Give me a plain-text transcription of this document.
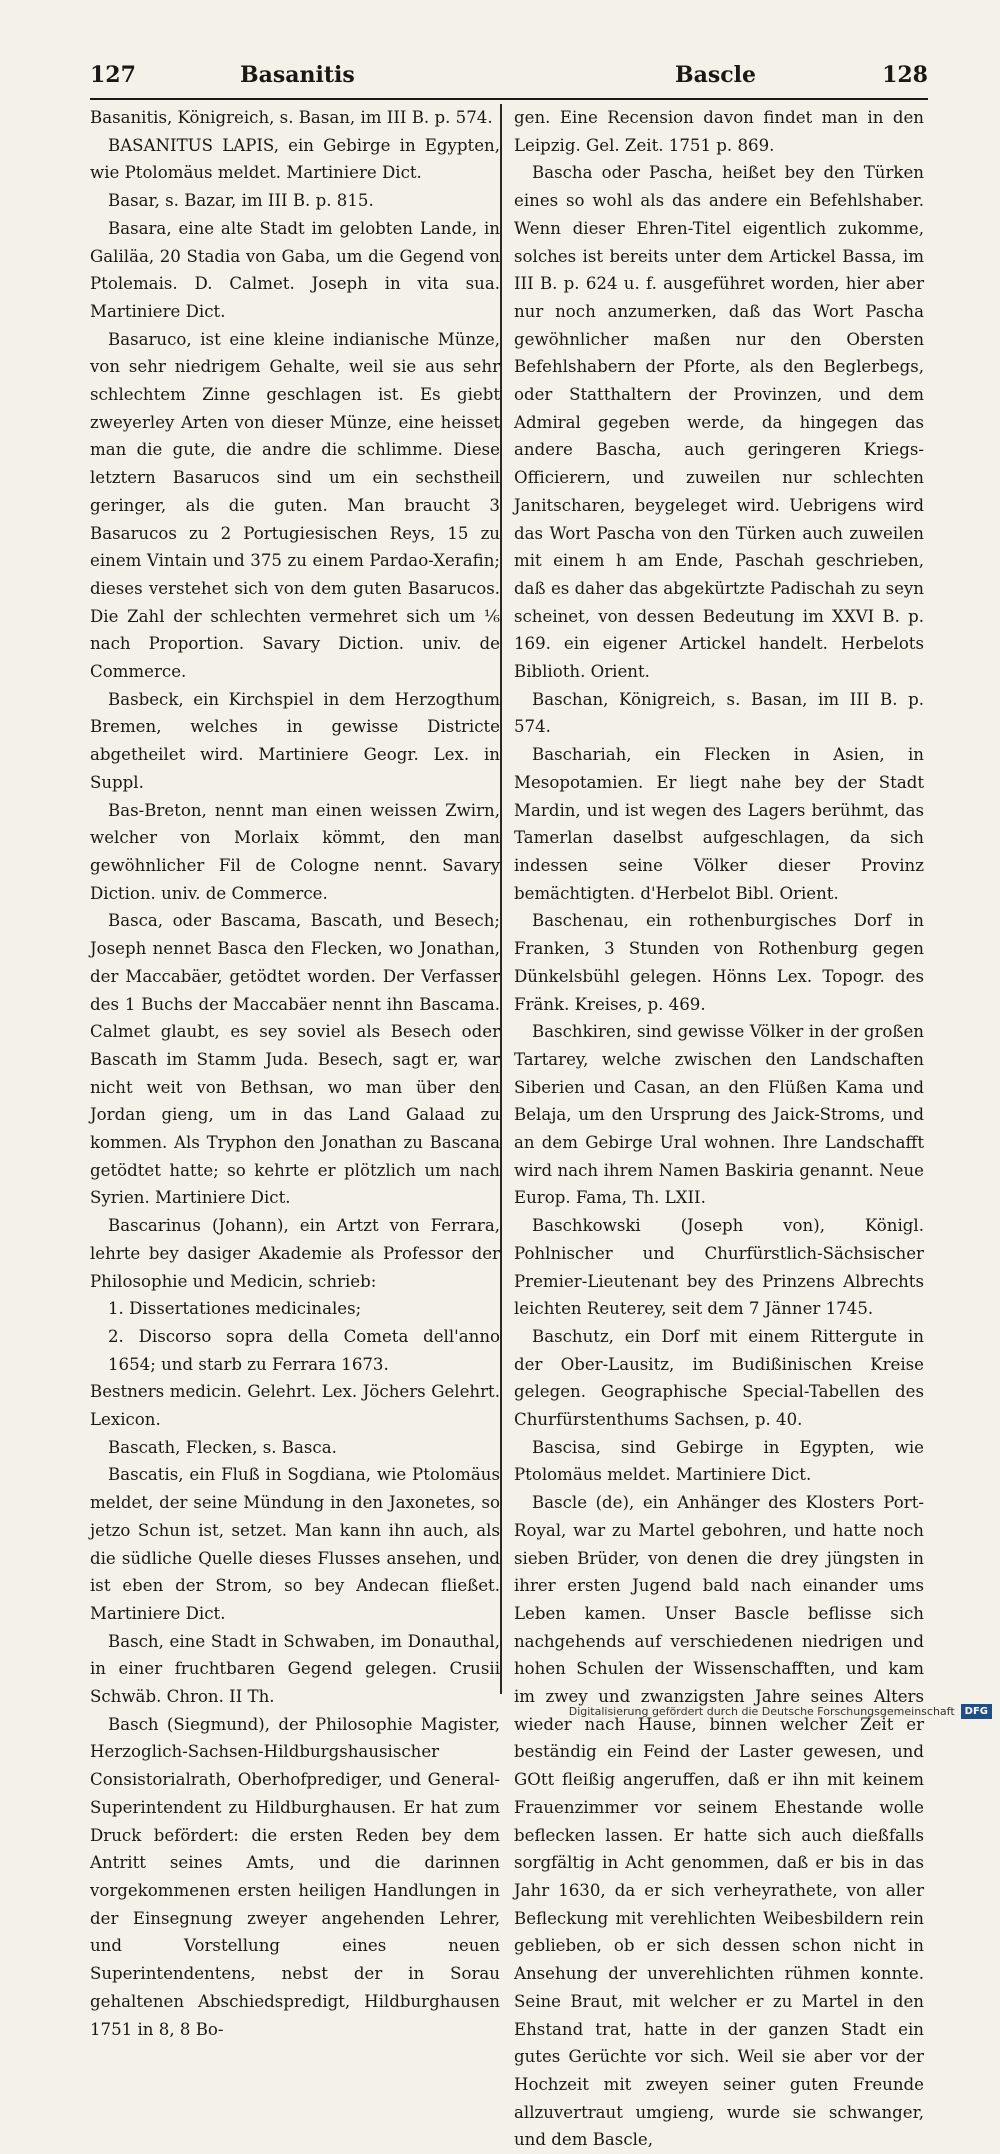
127	Basanitis	Bascle	128

Basanitis, Königreich, s. Basan, im III B. p. 574.

BASANITUS LAPIS, ein Gebirge in Egypten, wie Ptolomäus meldet. Martiniere Dict.

Basar, s. Bazar, im III B. p. 815.

Basara, eine alte Stadt im gelobten Lande, in Galiläa, 20 Stadia von Gaba, um die Gegend von Ptolemais. D. Calmet. Joseph in vita sua. Martiniere Dict.

Basaruco, ist eine kleine indianische Münze, von sehr niedrigem Gehalte, weil sie aus sehr schlechtem Zinne geschlagen ist. Es giebt zweyerley Arten von dieser Münze, eine heisset man die gute, die andre die schlimme. Diese letztern Basarucos sind um ein sechstheil geringer, als die guten. Man braucht 3 Basarucos zu 2 Portugiesischen Reys, 15 zu einem Vintain und 375 zu einem Pardao-Xerafin; dieses verstehet sich von dem guten Basarucos. Die Zahl der schlechten vermehret sich um ⅙ nach Proportion. Savary Diction. univ. de Commerce.

Basbeck, ein Kirchspiel in dem Herzogthum Bremen, welches in gewisse Districte abgetheilet wird. Martiniere Geogr. Lex. in Suppl.

Bas-Breton, nennt man einen weissen Zwirn, welcher von Morlaix kömmt, den man gewöhnlicher Fil de Cologne nennt. Savary Diction. univ. de Commerce.

Basca, oder Bascama, Bascath, und Besech; Joseph nennet Basca den Flecken, wo Jonathan, der Maccabäer, getödtet worden. Der Verfasser des 1 Buchs der Maccabäer nennt ihn Bascama. Calmet glaubt, es sey soviel als Besech oder Bascath im Stamm Juda. Besech, sagt er, war nicht weit von Bethsan, wo man über den Jordan gieng, um in das Land Galaad zu kommen. Als Tryphon den Jonathan zu Bascana getödtet hatte; so kehrte er plötzlich um nach Syrien. Martiniere Dict.

Bascarinus (Johann), ein Artzt von Ferrara, lehrte bey dasiger Akademie als Professor der Philosophie und Medicin, schrieb:

1. Dissertationes medicinales;

2. Discorso sopra della Cometa dell'anno 1654; und starb zu Ferrara 1673.

Bestners medicin. Gelehrt. Lex. Jöchers Gelehrt. Lexicon.

Bascath, Flecken, s. Basca.

Bascatis, ein Fluß in Sogdiana, wie Ptolomäus meldet, der seine Mündung in den Jaxonetes, so jetzo Schun ist, setzet. Man kann ihn auch, als die südliche Quelle dieses Flusses ansehen, und ist eben der Strom, so bey Andecan fließet. Martiniere Dict.

Basch, eine Stadt in Schwaben, im Donauthal, in einer fruchtbaren Gegend gelegen. Crusii Schwäb. Chron. II Th.

Basch (Siegmund), der Philosophie Magister, Herzoglich-Sachsen-Hildburgshausischer Consistorialrath, Oberhofprediger, und General-Superintendent zu Hildburghausen. Er hat zum Druck befördert: die ersten Reden bey dem Antritt seines Amts, und die darinnen vorgekommenen ersten heiligen Handlungen in der Einsegnung zweyer angehenden Lehrer, und Vorstellung eines neuen Superintendentens, nebst der in Sorau gehaltenen Abschiedspredigt, Hildburghausen 1751 in 8, 8 Bo-

gen. Eine Recension davon findet man in den Leipzig. Gel. Zeit. 1751 p. 869.

Bascha oder Pascha, heißet bey den Türken eines so wohl als das andere ein Befehlshaber. Wenn dieser Ehren-Titel eigentlich zukomme, solches ist bereits unter dem Artickel Bassa, im III B. p. 624 u. f. ausgeführet worden, hier aber nur noch anzumerken, daß das Wort Pascha gewöhnlicher maßen nur den Obersten Befehlshabern der Pforte, als den Beglerbegs, oder Statthaltern der Provinzen, und dem Admiral gegeben werde, da hingegen das andere Bascha, auch geringeren Kriegs-Officierern, und zuweilen nur schlechten Janitscharen, beygeleget wird. Uebrigens wird das Wort Pascha von den Türken auch zuweilen mit einem h am Ende, Paschah geschrieben, daß es daher das abgekürtzte Padischah zu seyn scheinet, von dessen Bedeutung im XXVI B. p. 169. ein eigener Artickel handelt. Herbelots Biblioth. Orient.

Baschan, Königreich, s. Basan, im III B. p. 574.

Baschariah, ein Flecken in Asien, in Mesopotamien. Er liegt nahe bey der Stadt Mardin, und ist wegen des Lagers berühmt, das Tamerlan daselbst aufgeschlagen, da sich indessen seine Völker dieser Provinz bemächtigten. d'Herbelot Bibl. Orient.

Baschenau, ein rothenburgisches Dorf in Franken, 3 Stunden von Rothenburg gegen Dünkelsbühl gelegen. Hönns Lex. Topogr. des Fränk. Kreises, p. 469.

Baschkiren, sind gewisse Völker in der großen Tartarey, welche zwischen den Landschaften Siberien und Casan, an den Flüßen Kama und Belaja, um den Ursprung des Jaick-Stroms, und an dem Gebirge Ural wohnen. Ihre Landschafft wird nach ihrem Namen Baskiria genannt. Neue Europ. Fama, Th. LXII.

Baschkowski (Joseph von), Königl. Pohlnischer und Churfürstlich-Sächsischer Premier-Lieutenant bey des Prinzens Albrechts leichten Reuterey, seit dem 7 Jänner 1745.

Baschutz, ein Dorf mit einem Rittergute in der Ober-Lausitz, im Budißinischen Kreise gelegen. Geographische Special-Tabellen des Churfürstenthums Sachsen, p. 40.

Bascisa, sind Gebirge in Egypten, wie Ptolomäus meldet. Martiniere Dict.

Bascle (de), ein Anhänger des Klosters Port-Royal, war zu Martel gebohren, und hatte noch sieben Brüder, von denen die drey jüngsten in ihrer ersten Jugend bald nach einander ums Leben kamen. Unser Bascle beflisse sich nachgehends auf verschiedenen niedrigen und hohen Schulen der Wissenschafften, und kam im zwey und zwanzigsten Jahre seines Alters wieder nach Hause, binnen welcher Zeit er beständig ein Feind der Laster gewesen, und GOtt fleißig angeruffen, daß er ihn mit keinem Frauenzimmer vor seinem Ehestande wolle beflecken lassen. Er hatte sich auch dießfalls sorgfältig in Acht genommen, daß er bis in das Jahr 1630, da er sich verheyrathete, von aller Befleckung mit verehlichten Weibesbildern rein geblieben, ob er sich dessen schon nicht in Ansehung der unverehlichten rühmen konnte. Seine Braut, mit welcher er zu Martel in den Ehstand trat, hatte in der ganzen Stadt ein gutes Gerüchte vor sich. Weil sie aber vor der Hochzeit mit zweyen seiner guten Freunde allzuvertraut umgieng, wurde sie schwanger, und dem Bascle,

Digitalisierung gefördert durch die Deutsche Forschungsgemeinschaft	DFG
